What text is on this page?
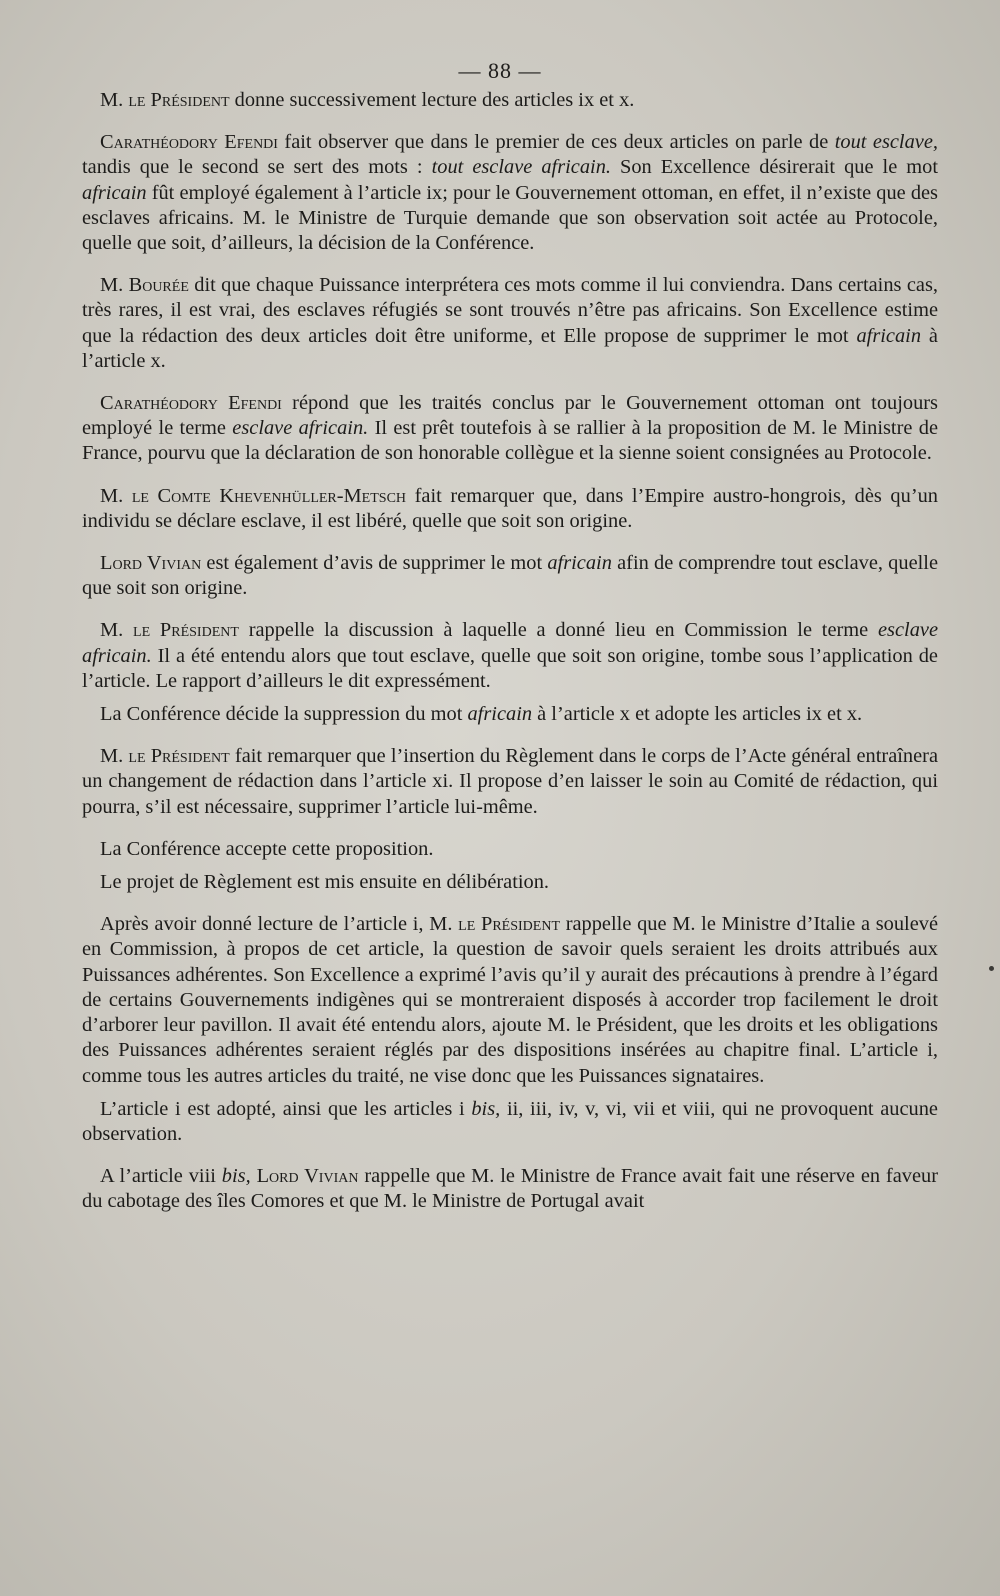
— 88 —

M. le Président donne successivement lecture des articles ix et x.

Carathéodory Efendi fait observer que dans le premier de ces deux articles on parle de tout esclave, tandis que le second se sert des mots : tout esclave africain. Son Excellence désirerait que le mot africain fût employé également à l’article ix; pour le Gouvernement ottoman, en effet, il n’existe que des esclaves africains. M. le Ministre de Turquie demande que son observation soit actée au Protocole, quelle que soit, d’ailleurs, la décision de la Conférence.

M. Bourée dit que chaque Puissance interprétera ces mots comme il lui conviendra. Dans certains cas, très rares, il est vrai, des esclaves réfugiés se sont trouvés n’être pas africains. Son Excellence estime que la rédaction des deux articles doit être uniforme, et Elle propose de supprimer le mot africain à l’article x.

Carathéodory Efendi répond que les traités conclus par le Gouvernement ottoman ont toujours employé le terme esclave africain. Il est prêt toutefois à se rallier à la proposition de M. le Ministre de France, pourvu que la déclaration de son honorable collègue et la sienne soient consignées au Protocole.

M. le Comte Khevenhüller-Metsch fait remarquer que, dans l’Empire austro-hongrois, dès qu’un individu se déclare esclave, il est libéré, quelle que soit son origine.

Lord Vivian est également d’avis de supprimer le mot africain afin de comprendre tout esclave, quelle que soit son origine.

M. le Président rappelle la discussion à laquelle a donné lieu en Commission le terme esclave africain. Il a été entendu alors que tout esclave, quelle que soit son origine, tombe sous l’application de l’article. Le rapport d’ailleurs le dit expressément.

La Conférence décide la suppression du mot africain à l’article x et adopte les articles ix et x.

M. le Président fait remarquer que l’insertion du Règlement dans le corps de l’Acte général entraînera un changement de rédaction dans l’article xi. Il propose d’en laisser le soin au Comité de rédaction, qui pourra, s’il est nécessaire, supprimer l’article lui-même.

La Conférence accepte cette proposition.

Le projet de Règlement est mis ensuite en délibération.

Après avoir donné lecture de l’article i, M. le Président rappelle que M. le Ministre d’Italie a soulevé en Commission, à propos de cet article, la question de savoir quels seraient les droits attribués aux Puissances adhérentes. Son Excellence a exprimé l’avis qu’il y aurait des précautions à prendre à l’égard de certains Gouvernements indigènes qui se montreraient disposés à accorder trop facilement le droit d’arborer leur pavillon. Il avait été entendu alors, ajoute M. le Président, que les droits et les obligations des Puissances adhérentes seraient réglés par des dispositions insérées au chapitre final. L’article i, comme tous les autres articles du traité, ne vise donc que les Puissances signataires.

L’article i est adopté, ainsi que les articles i bis, ii, iii, iv, v, vi, vii et viii, qui ne provoquent aucune observation.

A l’article viii bis, Lord Vivian rappelle que M. le Ministre de France avait fait une réserve en faveur du cabotage des îles Comores et que M. le Ministre de Portugal avait
